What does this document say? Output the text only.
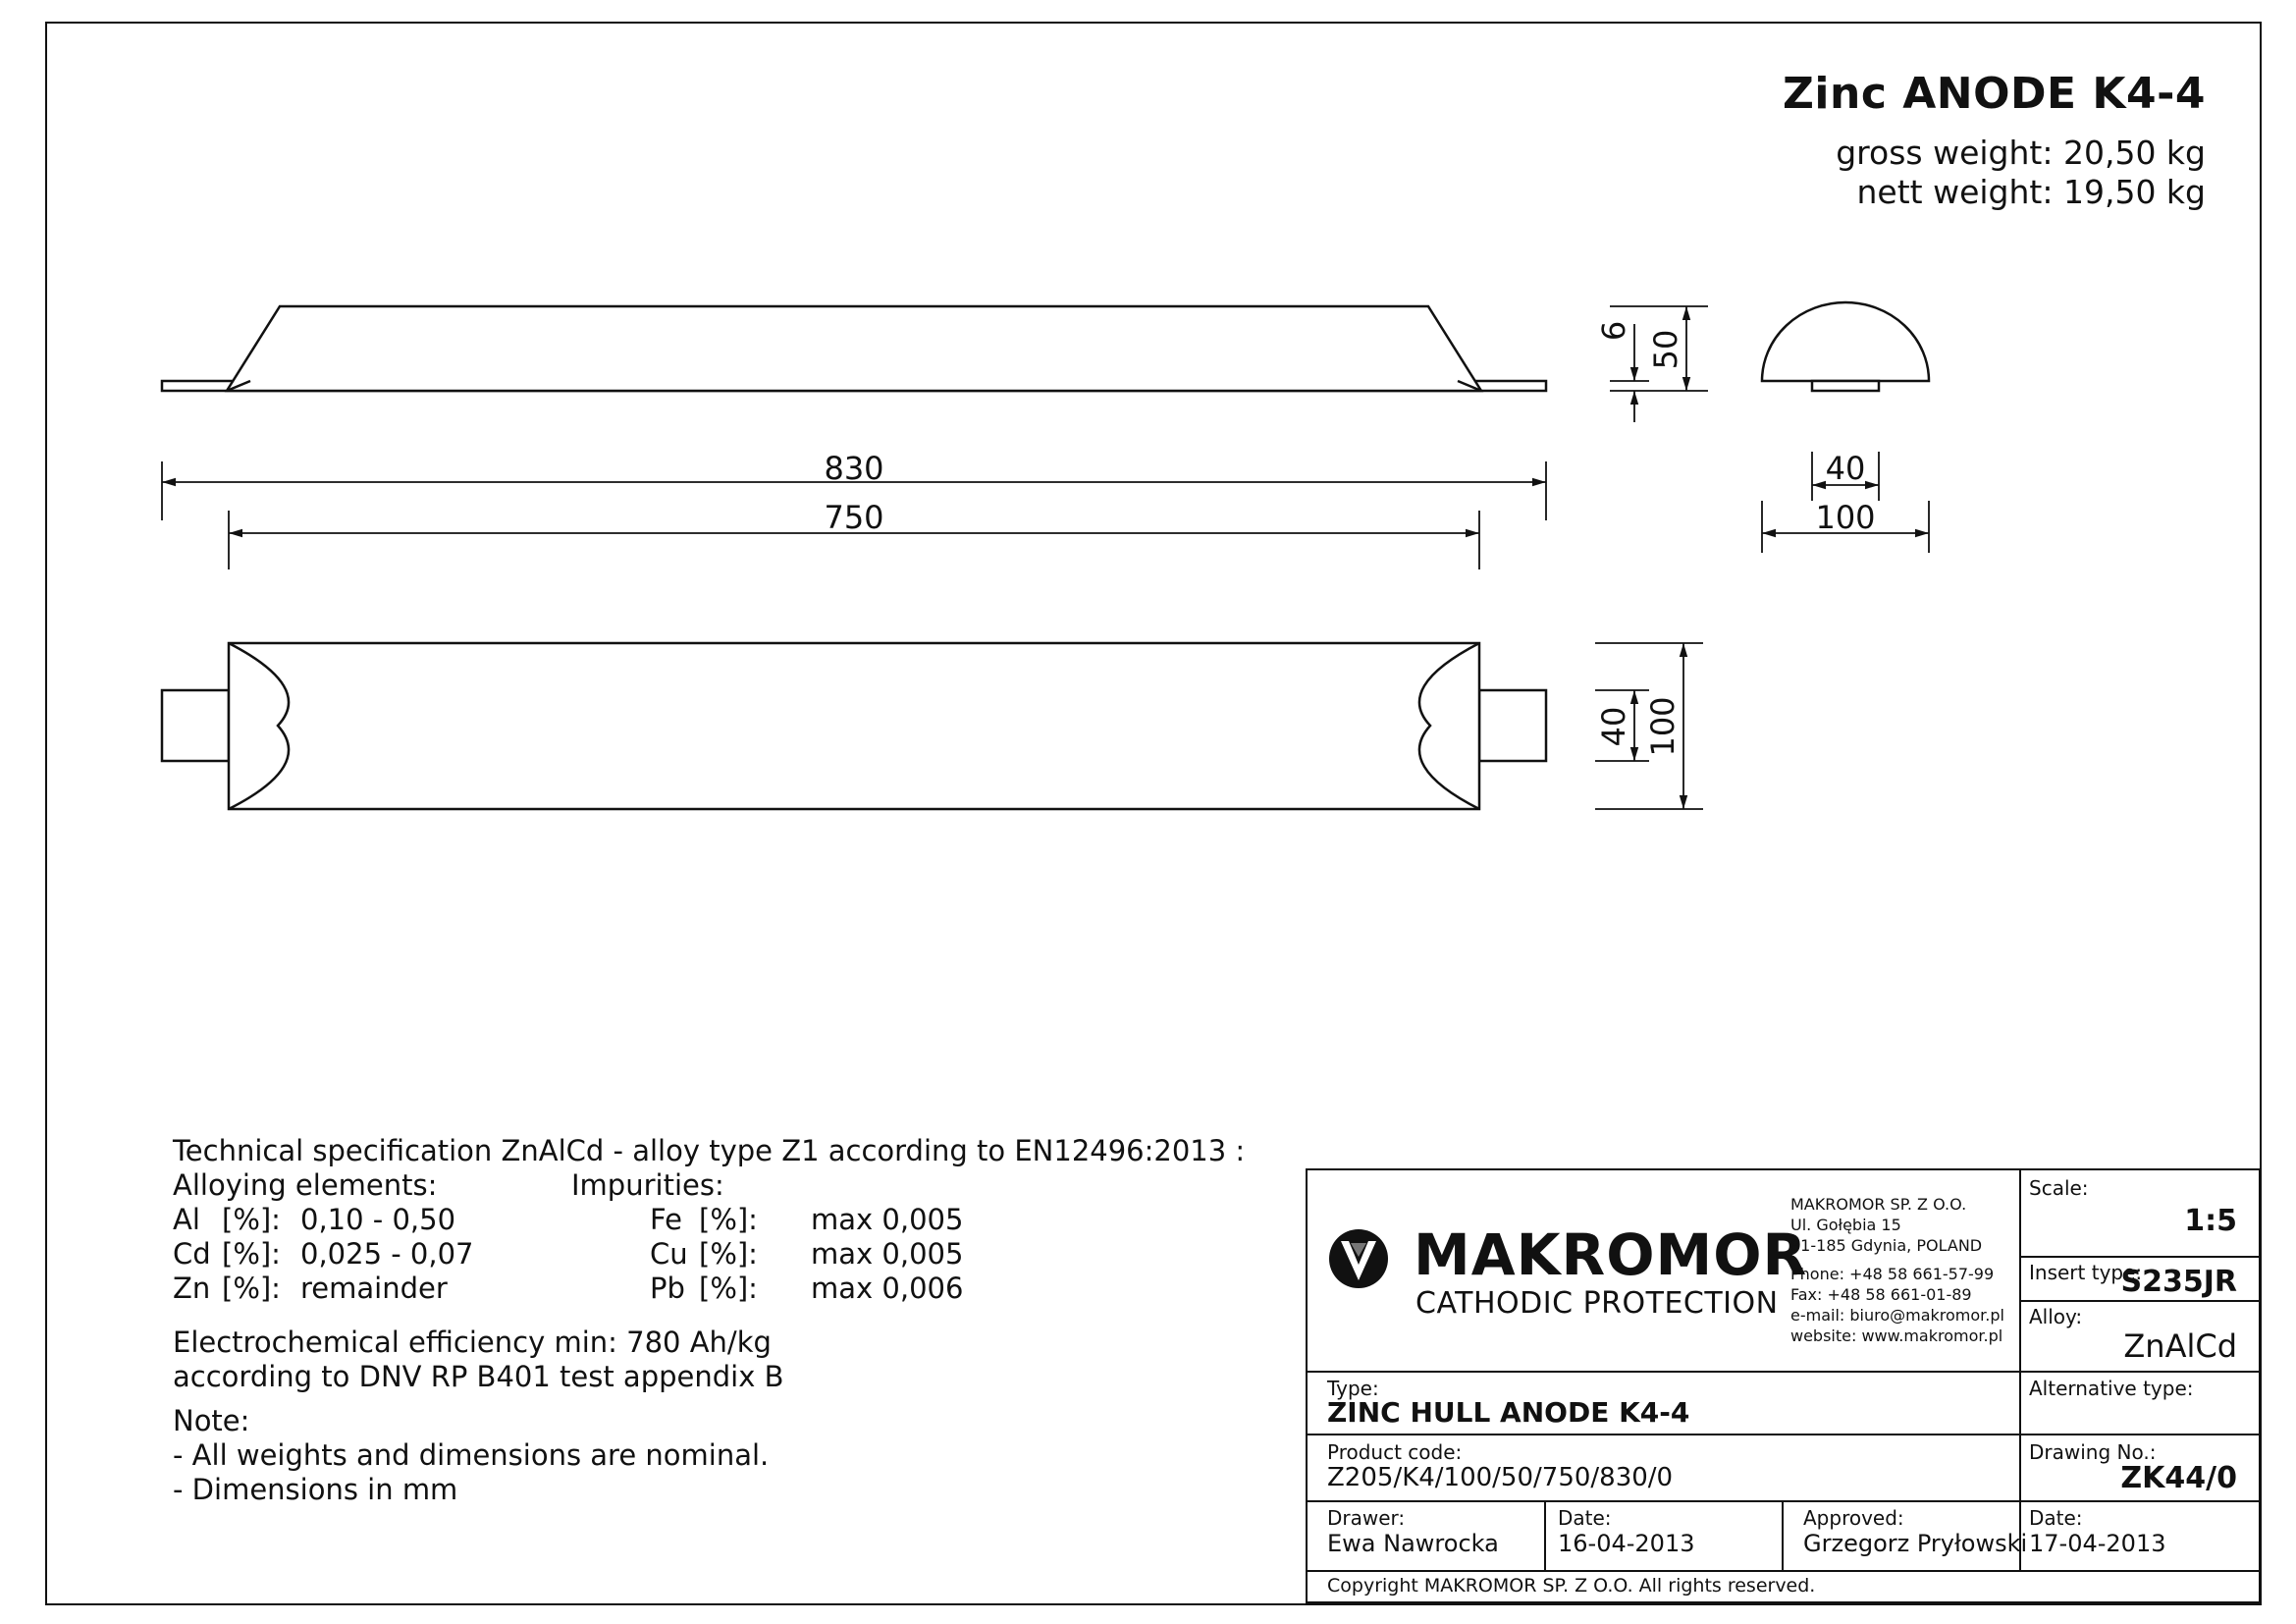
Zinc ANODE K4-4
gross weight: 20,50 kg
nett weight: 19,50 kg
830
750
50
6
40
100
100
40
Technical specification ZnAlCd - alloy type Z1 according to EN12496:2013 :
Alloying elements:	Impurities:
Al [%]: 0,10 - 0,50	Fe [%]: max 0,005
Cd [%]: 0,025 - 0,07	Cu [%]: max 0,005
Zn [%]: remainder	Pb [%]: max 0,006
Electrochemical efficiency min: 780 Ah/kg
according to DNV RP B401 test appendix B
Note:
- All weights and dimensions are nominal.
- Dimensions in mm
MAKROMOR
CATHODIC PROTECTION
MAKROMOR SP. Z O.O.
Ul. Gołębia 15
81-185 Gdynia, POLAND
Phone: +48 58 661-57-99
Fax: +48 58 661-01-89
e-mail: biuro@makromor.pl
website: www.makromor.pl
Scale:
1:5
Insert type:
S235JR
Alloy:
ZnAlCd
Alternative type:
Type:
ZINC HULL ANODE K4-4
Product code:
Z205/K4/100/50/750/830/0
Drawing No.:
ZK44/0
Drawer:
Ewa Nawrocka
Date:
16-04-2013
Approved:
Grzegorz Pryłowski
Date:
17-04-2013
Copyright MAKROMOR SP. Z O.O. All rights reserved.
